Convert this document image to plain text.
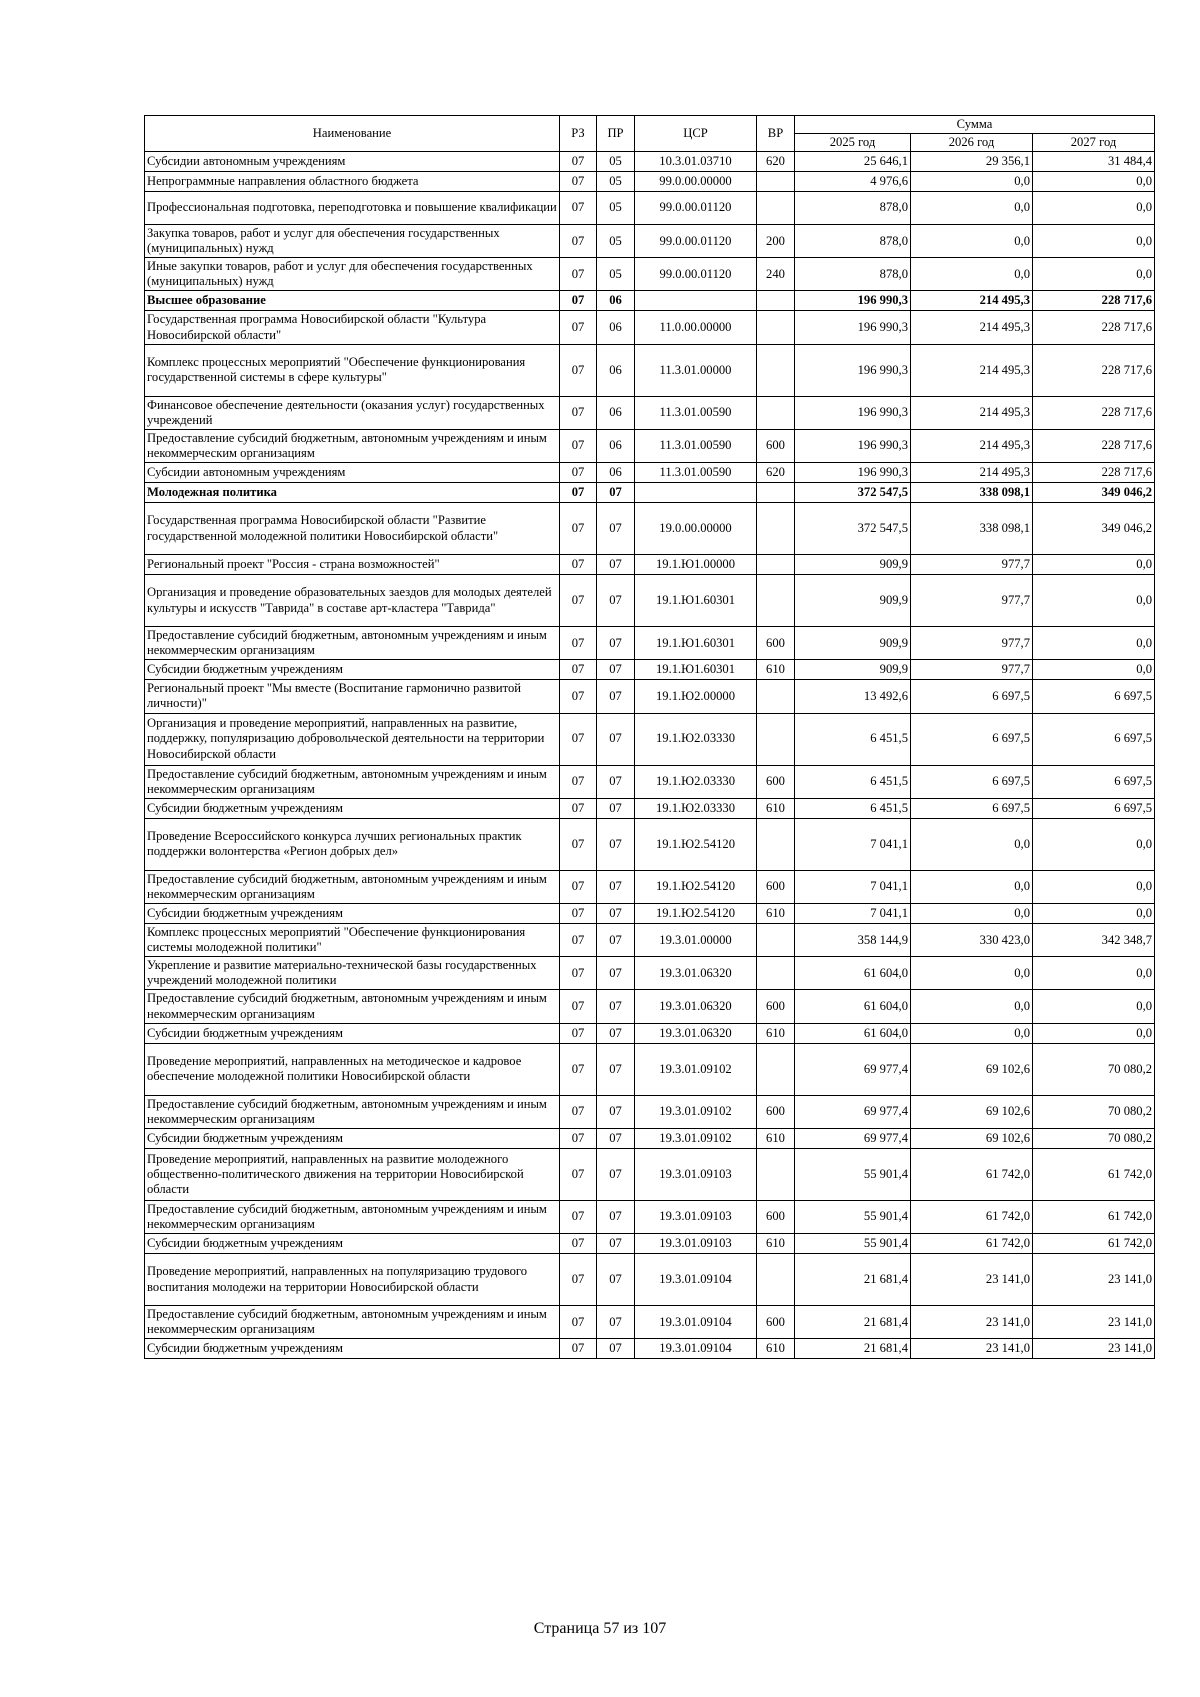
Наименование	РЗ	ПР	ЦСР	ВР	Сумма		
					2025 год	2026 год	2027 год
Субсидии автономным учреждениям	07	05	10.3.01.03710	620	25 646,1	29 356,1	31 484,4
Непрограммные направления областного бюджета	07	05	99.0.00.00000		4 976,6	0,0	0,0
Профессиональная подготовка, переподготовка и повышение квалификации	07	05	99.0.00.01120		878,0	0,0	0,0
Закупка товаров, работ и услуг для обеспечения государственных (муниципальных) нужд	07	05	99.0.00.01120	200	878,0	0,0	0,0
Иные закупки товаров, работ и услуг для обеспечения государственных (муниципальных) нужд	07	05	99.0.00.01120	240	878,0	0,0	0,0
Высшее образование	07	06			196 990,3	214 495,3	228 717,6
Государственная программа Новосибирской области "Культура Новосибирской области"	07	06	11.0.00.00000		196 990,3	214 495,3	228 717,6
Комплекс процессных мероприятий "Обеспечение функционирования государственной системы в сфере культуры"	07	06	11.3.01.00000		196 990,3	214 495,3	228 717,6
Финансовое обеспечение деятельности (оказания услуг) государственных учреждений	07	06	11.3.01.00590		196 990,3	214 495,3	228 717,6
Предоставление субсидий бюджетным, автономным учреждениям и иным некоммерческим организациям	07	06	11.3.01.00590	600	196 990,3	214 495,3	228 717,6
Субсидии автономным учреждениям	07	06	11.3.01.00590	620	196 990,3	214 495,3	228 717,6
Молодежная политика	07	07			372 547,5	338 098,1	349 046,2
Государственная программа Новосибирской области "Развитие государственной молодежной политики Новосибирской области"	07	07	19.0.00.00000		372 547,5	338 098,1	349 046,2
Региональный проект "Россия - страна возможностей"	07	07	19.1.Ю1.00000		909,9	977,7	0,0
Организация и проведение образовательных заездов для молодых деятелей культуры и искусств "Таврида" в составе арт-кластера "Таврида"	07	07	19.1.Ю1.60301		909,9	977,7	0,0
Предоставление субсидий бюджетным, автономным учреждениям и иным некоммерческим организациям	07	07	19.1.Ю1.60301	600	909,9	977,7	0,0
Субсидии бюджетным учреждениям	07	07	19.1.Ю1.60301	610	909,9	977,7	0,0
Региональный проект "Мы вместе (Воспитание гармонично развитой личности)"	07	07	19.1.Ю2.00000		13 492,6	6 697,5	6 697,5
Организация и проведение мероприятий, направленных на развитие, поддержку, популяризацию добровольческой деятельности на территории Новосибирской области	07	07	19.1.Ю2.03330		6 451,5	6 697,5	6 697,5
Предоставление субсидий бюджетным, автономным учреждениям и иным некоммерческим организациям	07	07	19.1.Ю2.03330	600	6 451,5	6 697,5	6 697,5
Субсидии бюджетным учреждениям	07	07	19.1.Ю2.03330	610	6 451,5	6 697,5	6 697,5
Проведение Всероссийского конкурса лучших региональных практик поддержки волонтерства «Регион добрых дел»	07	07	19.1.Ю2.54120		7 041,1	0,0	0,0
Предоставление субсидий бюджетным, автономным учреждениям и иным некоммерческим организациям	07	07	19.1.Ю2.54120	600	7 041,1	0,0	0,0
Субсидии бюджетным учреждениям	07	07	19.1.Ю2.54120	610	7 041,1	0,0	0,0
Комплекс процессных мероприятий "Обеспечение функционирования системы молодежной политики"	07	07	19.3.01.00000		358 144,9	330 423,0	342 348,7
Укрепление и развитие материально-технической базы государственных учреждений молодежной политики	07	07	19.3.01.06320		61 604,0	0,0	0,0
Предоставление субсидий бюджетным, автономным учреждениям и иным некоммерческим организациям	07	07	19.3.01.06320	600	61 604,0	0,0	0,0
Субсидии бюджетным учреждениям	07	07	19.3.01.06320	610	61 604,0	0,0	0,0
Проведение мероприятий, направленных на методическое и кадровое обеспечение молодежной политики Новосибирской области	07	07	19.3.01.09102		69 977,4	69 102,6	70 080,2
Предоставление субсидий бюджетным, автономным учреждениям и иным некоммерческим организациям	07	07	19.3.01.09102	600	69 977,4	69 102,6	70 080,2
Субсидии бюджетным учреждениям	07	07	19.3.01.09102	610	69 977,4	69 102,6	70 080,2
Проведение мероприятий, направленных на развитие молодежного общественно-политического движения на территории Новосибирской области	07	07	19.3.01.09103		55 901,4	61 742,0	61 742,0
Предоставление субсидий бюджетным, автономным учреждениям и иным некоммерческим организациям	07	07	19.3.01.09103	600	55 901,4	61 742,0	61 742,0
Субсидии бюджетным учреждениям	07	07	19.3.01.09103	610	55 901,4	61 742,0	61 742,0
Проведение мероприятий, направленных на популяризацию трудового воспитания молодежи на территории Новосибирской области	07	07	19.3.01.09104		21 681,4	23 141,0	23 141,0
Предоставление субсидий бюджетным, автономным учреждениям и иным некоммерческим организациям	07	07	19.3.01.09104	600	21 681,4	23 141,0	23 141,0
Субсидии бюджетным учреждениям	07	07	19.3.01.09104	610	21 681,4	23 141,0	23 141,0
Страница 57 из 107
